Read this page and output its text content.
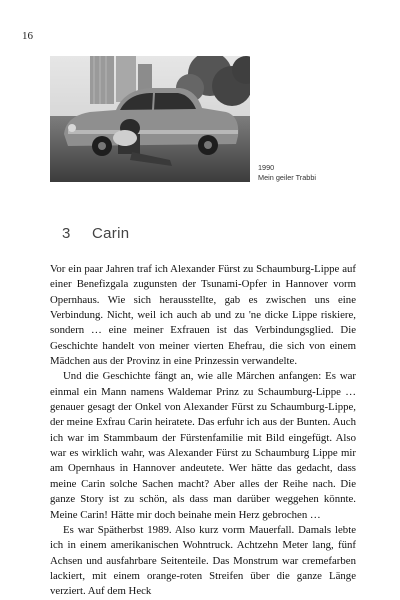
16
1990
Mein geiler Trabbi
3 Carin

Vor ein paar Jahren traf ich Alexander Fürst zu Schaumburg-Lippe auf einer Benefizgala zugunsten der Tsunami-Opfer in Hannover vorm Opernhaus. Wie sich herausstellte, gab es zwischen uns eine Verbindung. Nicht, weil ich auch ab und zu 'ne dicke Lippe riskiere, sondern … eine meiner Exfrauen ist das Verbindungsglied. Die Geschichte handelt von meiner vierten Ehefrau, die sich von einem Mädchen aus der Provinz in eine Prinzessin verwandelte.

Und die Geschichte fängt an, wie alle Märchen anfangen: Es war einmal ein Mann namens Waldemar Prinz zu Schaumburg-Lippe … genauer gesagt der Onkel von Alexander Fürst zu Schaumburg-Lippe, der meine Exfrau Carin heiratete. Das erfuhr ich aus der Bunten. Auch ich war im Stammbaum der Fürstenfamilie mit Bild eingefügt. Also war es wirklich wahr, was Alexander Fürst zu Schaumburg Lippe mir am Opernhaus in Hannover andeutete. Wer hätte das gedacht, dass meine Carin solche Sachen macht? Aber alles der Reihe nach. Die ganze Story ist zu schön, als dass man darüber weggehen könnte. Meine Carin! Hätte mir doch beinahe mein Herz gebrochen …

Es war Spätherbst 1989. Also kurz vorm Mauerfall. Damals lebte ich in einem amerikanischen Wohntruck. Achtzehn Meter lang, fünf Achsen und ausfahrbare Seitenteile. Das Monstrum war cremefarben lackiert, mit einem orange-roten Streifen über die ganze Länge verziert. Auf dem Heck
